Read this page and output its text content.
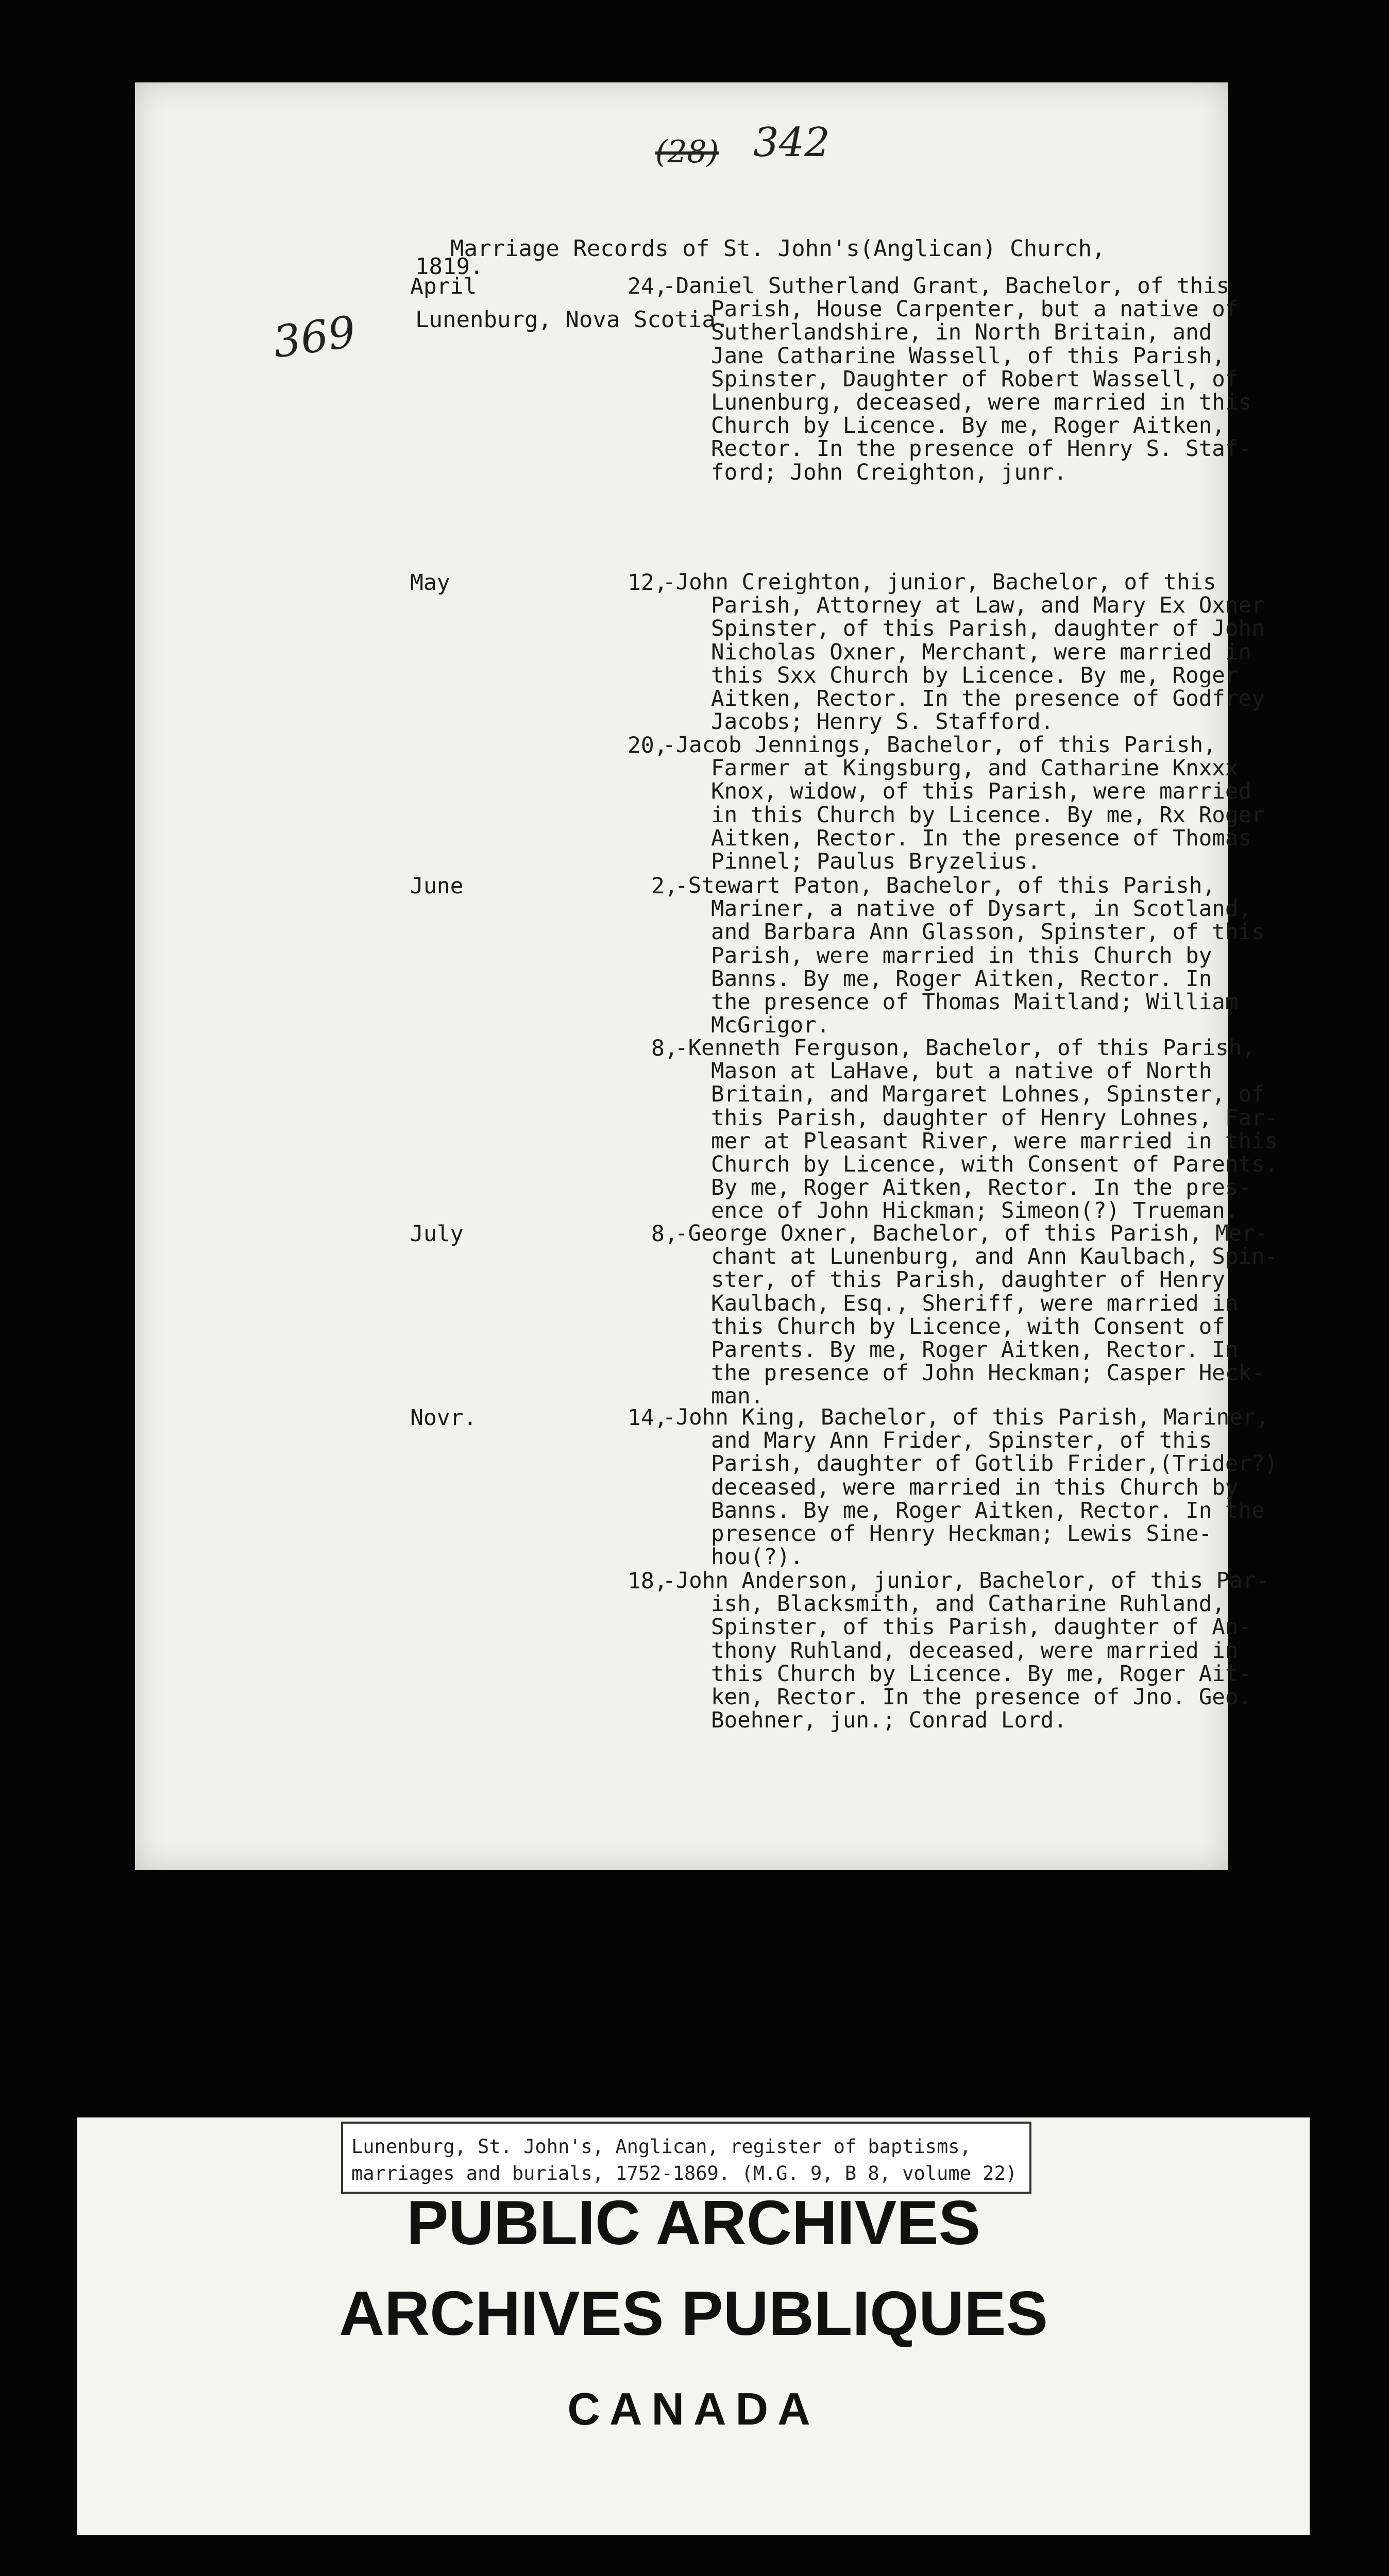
(28) 342
369

Marriage Records of St. John's(Anglican) Church,

Lunenburg, Nova Scotia.

1819.
April	24,
-Daniel Sutherland Grant, Bachelor, of this
Parish, House Carpenter, but a native of
Sutherlandshire, in North Britain, and
Jane Catharine Wassell, of this Parish,
Spinster, Daughter of Robert Wassell, of
Lunenburg, deceased, were married in this
Church by Licence. By me, Roger Aitken,
Rector. In the presence of Henry S. Staf-
ford; John Creighton, junr.
May	12,
-John Creighton, junior, Bachelor, of this
Parish, Attorney at Law, and Mary Ex Oxner
Spinster, of this Parish, daughter of John
Nicholas Oxner, Merchant, were married in
this Sxx Church by Licence. By me, Roger
Aitken, Rector. In the presence of Godfrey
Jacobs; Henry S. Stafford.
20,
-Jacob Jennings, Bachelor, of this Parish,
Farmer at Kingsburg, and Catharine Knxxx
Knox, widow, of this Parish, were married
in this Church by Licence. By me, Rx Roger
Aitken, Rector. In the presence of Thomas
Pinnel; Paulus Bryzelius.
June	2,
-Stewart Paton, Bachelor, of this Parish,
Mariner, a native of Dysart, in Scotland,
and Barbara Ann Glasson, Spinster, of this
Parish, were married in this Church by
Banns. By me, Roger Aitken, Rector. In
the presence of Thomas Maitland; William
McGrigor.
8,
-Kenneth Ferguson, Bachelor, of this Parish,
Mason at LaHave, but a native of North
Britain, and Margaret Lohnes, Spinster, of
this Parish, daughter of Henry Lohnes, Far-
mer at Pleasant River, were married in this
Church by Licence, with Consent of Parents.
By me, Roger Aitken, Rector. In the pres-
ence of John Hickman; Simeon(?) Trueman.
July	8,
-George Oxner, Bachelor, of this Parish, Mer-
chant at Lunenburg, and Ann Kaulbach, Spin-
ster, of this Parish, daughter of Henry
Kaulbach, Esq., Sheriff, were married in
this Church by Licence, with Consent of
Parents. By me, Roger Aitken, Rector. In
the presence of John Heckman; Casper Heck-
man.
Novr.	14,
-John King, Bachelor, of this Parish, Mariner,
and Mary Ann Frider, Spinster, of this
Parish, daughter of Gotlib Frider,(Trider?)
deceased, were married in this Church by
Banns. By me, Roger Aitken, Rector. In the
presence of Henry Heckman; Lewis Sine-
hou(?).
18,
-John Anderson, junior, Bachelor, of this Par-
ish, Blacksmith, and Catharine Ruhland,
Spinster, of this Parish, daughter of An-
thony Ruhland, deceased, were married in
this Church by Licence. By me, Roger Ait-
ken, Rector. In the presence of Jno. Geo.
Boehner, jun.; Conrad Lord.
Lunenburg, St. John's, Anglican, register of baptisms,
marriages and burials, 1752-1869. (M.G. 9, B 8, volume 22)
PUBLIC ARCHIVES
ARCHIVES PUBLIQUES
CANADA
